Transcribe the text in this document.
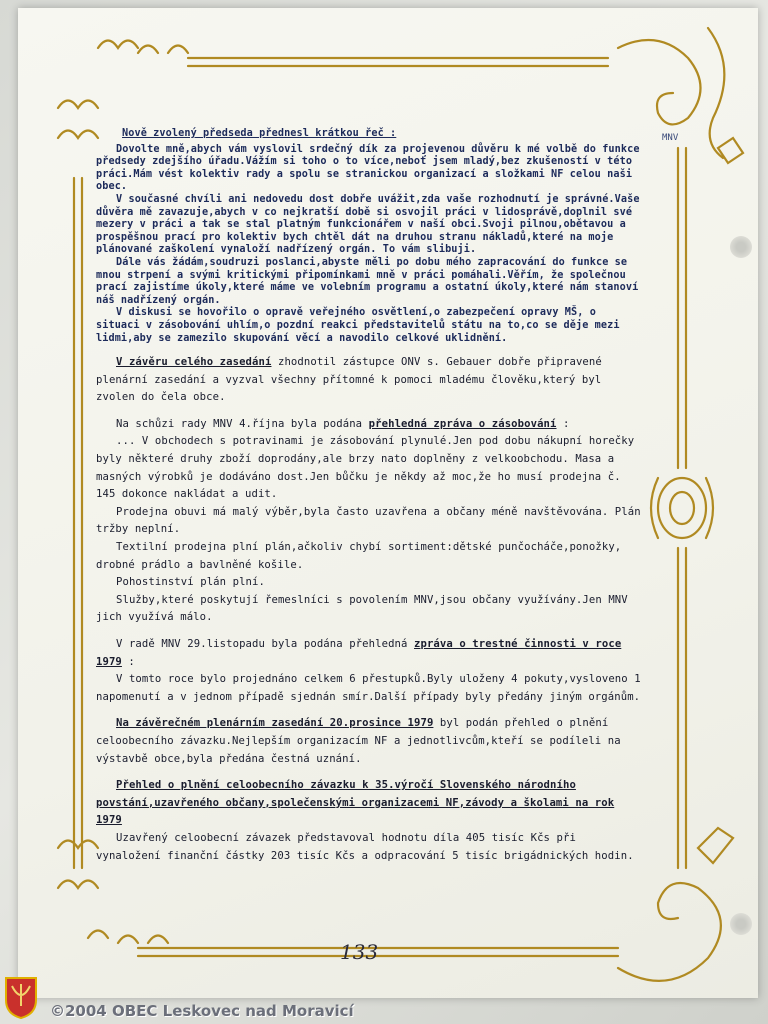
MNV

Nově zvolený předseda přednesl krátkou řeč :

Dovolte mně,abych vám vyslovil srdečný dík za projevenou důvěru k mé volbě do funkce předsedy zdejšího úřadu.Vážím si toho o to více,neboť jsem mladý,bez zkušeností v této práci.Mám vést kolektiv rady a spolu se stranickou organizací a složkami NF celou naši obec.

V současné chvíli ani nedovedu dost dobře uvážit,zda vaše rozhodnutí je správné.Vaše důvěra mě zavazuje,abych v co nejkratší době si osvojil práci v lidosprávě,doplnil své mezery v práci a tak se stal platným funkcionářem v naší obci.Svoji pilnou,obětavou a prospěšnou prací pro kolektiv bych chtěl dát na druhou stranu nákladů,které na moje plánované zaškolení vynaloží nadřízený orgán. To vám slibuji.

Dále vás žádám,soudruzi poslanci,abyste měli po dobu mého zapracování do funkce se mnou strpení a svými kritickými připomínkami mně v práci pomáhali.Věřím, že společnou prací zajistíme úkoly,které máme ve volebním programu a ostatní úkoly,které nám stanoví náš nadřízený orgán.

V diskusi se hovořilo o opravě veřejného osvětlení,o zabezpečení opravy MŠ, o situaci v zásobování uhlím,o pozdní reakci představitelů státu na to,co se děje mezi lidmi,aby se zamezilo skupování věcí a navodilo celkové uklidnění.

V závěru celého zasedání zhodnotil zástupce ONV s. Gebauer dobře připravené plenární zasedání a vyzval všechny přítomné k pomoci mladému člověku,který byl zvolen do čela obce.

Na schůzi rady MNV 4.října byla podána přehledná zpráva o zásobování :

... V obchodech s potravinami je zásobování plynulé.Jen pod dobu nákupní horečky byly některé druhy zboží doprodány,ale brzy nato doplněny z velkoobchodu. Masa a masných výrobků je dodáváno dost.Jen bůčku je někdy až moc,že ho musí prodejna č. 145 dokonce nakládat a udit.

Prodejna obuvi má malý výběr,byla často uzavřena a občany méně navštěvována. Plán tržby neplní.

Textilní prodejna plní plán,ačkoliv chybí sortiment:dětské punčocháče,ponožky, drobné prádlo a bavlněné košile.

Pohostinství plán plní.

Služby,které poskytují řemeslníci s povolením MNV,jsou občany využívány.Jen MNV jich využívá málo.

V radě MNV 29.listopadu byla podána přehledná zpráva o trestné činnosti v roce 1979 :

V tomto roce bylo projednáno celkem 6 přestupků.Byly uloženy 4 pokuty,vysloveno 1 napomenutí a v jednom případě sjednán smír.Další případy byly předány jiným orgánům.

Na závěrečném plenárním zasedání 20.prosince 1979 byl podán přehled o plnění celoobecního závazku.Nejlepším organizacím NF a jednotlivcům,kteří se podíleli na výstavbě obce,byla předána čestná uznání.

Přehled o plnění celoobecního závazku k 35.výročí Slovenského národního povstání,uzavřeného občany,společenskými organizacemi NF,závody a školami na rok 1979

Uzavřený celoobecní závazek představoval hodnotu díla 405 tisíc Kčs při vynaložení finanční částky 203 tisíc Kčs a odpracování 5 tisíc brigádnických hodin.

133
©2004 OBEC Leskovec nad Moravicí
